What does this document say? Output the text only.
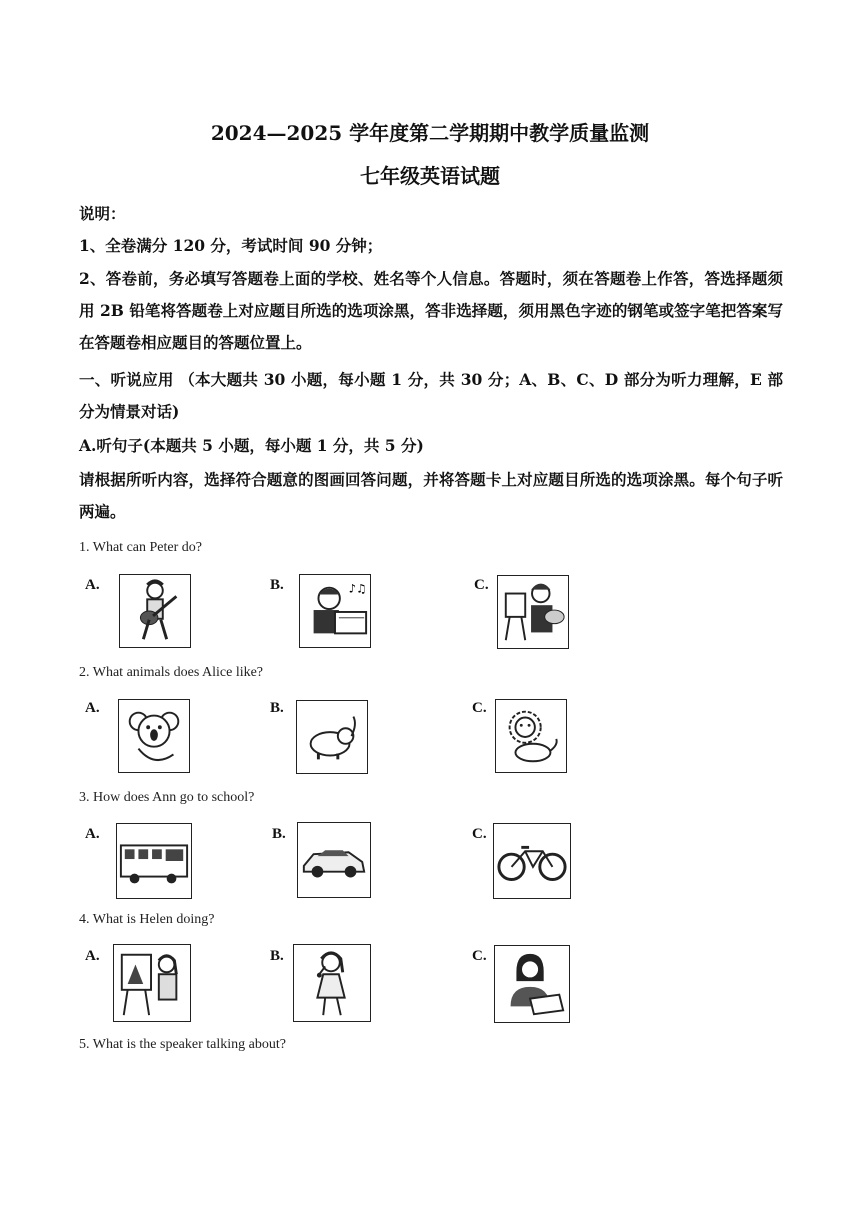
2024—2025 学年度第二学期期中教学质量监测
七年级英语试题
说明：
1、全卷满分 120 分，考试时间 90 分钟；
2、答卷前，务必填写答题卷上面的学校、姓名等个人信息。答题时，须在答题卷上作答，答选择题须用 2B 铅笔将答题卷上对应题目所选的选项涂黑，答非选择题，须用黑色字迹的钢笔或签字笔把答案写在答题卷相应题目的答题位置上。
一、听说应用 （本大题共 30 小题，每小题 1 分，共 30 分；A、B、C、D 部分为听力理解，E 部分为情景对话)
A.听句子(本题共 5 小题，每小题 1 分，共 5 分)
请根据所听内容，选择符合题意的图画回答问题，并将答题卡上对应题目所选的选项涂黑。每个句子听两遍。
1. What can Peter do?
A.	B.	♪♫	C.
2. What animals does Alice like?
A.	B.	C.
3. How does Ann go to school?
A.	B.	C.
4. What is Helen doing?
A.	B.	C.
5. What is the speaker talking about?
